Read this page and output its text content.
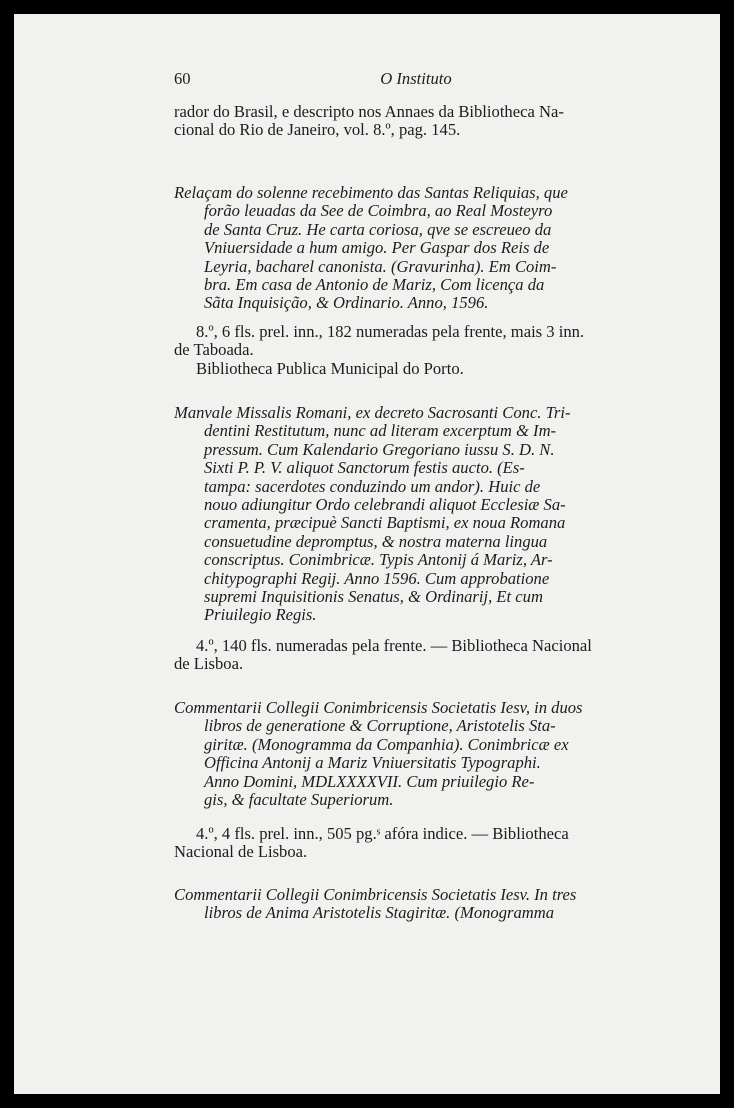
60	O Instituto
rador do Brasil, e descripto nos Annaes da Bibliotheca Na-
cional do Rio de Janeiro, vol. 8.º, pag. 145.
Relaçam do solenne recebimento das Santas Reliquias, que
forão leuadas da See de Coimbra, ao Real Mosteyro
de Santa Cruz. He carta coriosa, qve se escreueo da
Vniuersidade a hum amigo. Per Gaspar dos Reis de
Leyria, bacharel canonista. (Gravurinha). Em Coim-
bra. Em casa de Antonio de Mariz, Com licença da
Sãta Inquisição, & Ordinario. Anno, 1596.
8.º, 6 fls. prel. inn., 182 numeradas pela frente, mais 3 inn.
de Taboada.
Bibliotheca Publica Municipal do Porto.
Manvale Missalis Romani, ex decreto Sacrosanti Conc. Tri-
dentini Restitutum, nunc ad literam excerptum & Im-
pressum. Cum Kalendario Gregoriano iussu S. D. N.
Sixti P. P. V. aliquot Sanctorum festis aucto. (Es-
tampa: sacerdotes conduzindo um andor). Huic de
nouo adiungitur Ordo celebrandi aliquot Ecclesiæ Sa-
cramenta, præcipuè Sancti Baptismi, ex noua Romana
consuetudine depromptus, & nostra materna lingua
conscriptus. Conimbricæ. Typis Antonij á Mariz, Ar-
chitypographi Regij. Anno 1596. Cum approbatione
supremi Inquisitionis Senatus, & Ordinarij, Et cum
Priuilegio Regis.
4.º, 140 fls. numeradas pela frente. — Bibliotheca Nacional
de Lisboa.
Commentarii Collegii Conimbricensis Societatis Iesv, in duos
libros de generatione & Corruptione, Aristotelis Sta-
giritæ. (Monogramma da Companhia). Conimbricæ ex
Officina Antonij a Mariz Vniuersitatis Typographi.
Anno Domini, MDLXXXXVII. Cum priuilegio Re-
gis, & facultate Superiorum.
4.º, 4 fls. prel. inn., 505 pg.ˢ afóra indice. — Bibliotheca
Nacional de Lisboa.
Commentarii Collegii Conimbricensis Societatis Iesv. In tres
libros de Anima Aristotelis Stagiritæ. (Monogramma
